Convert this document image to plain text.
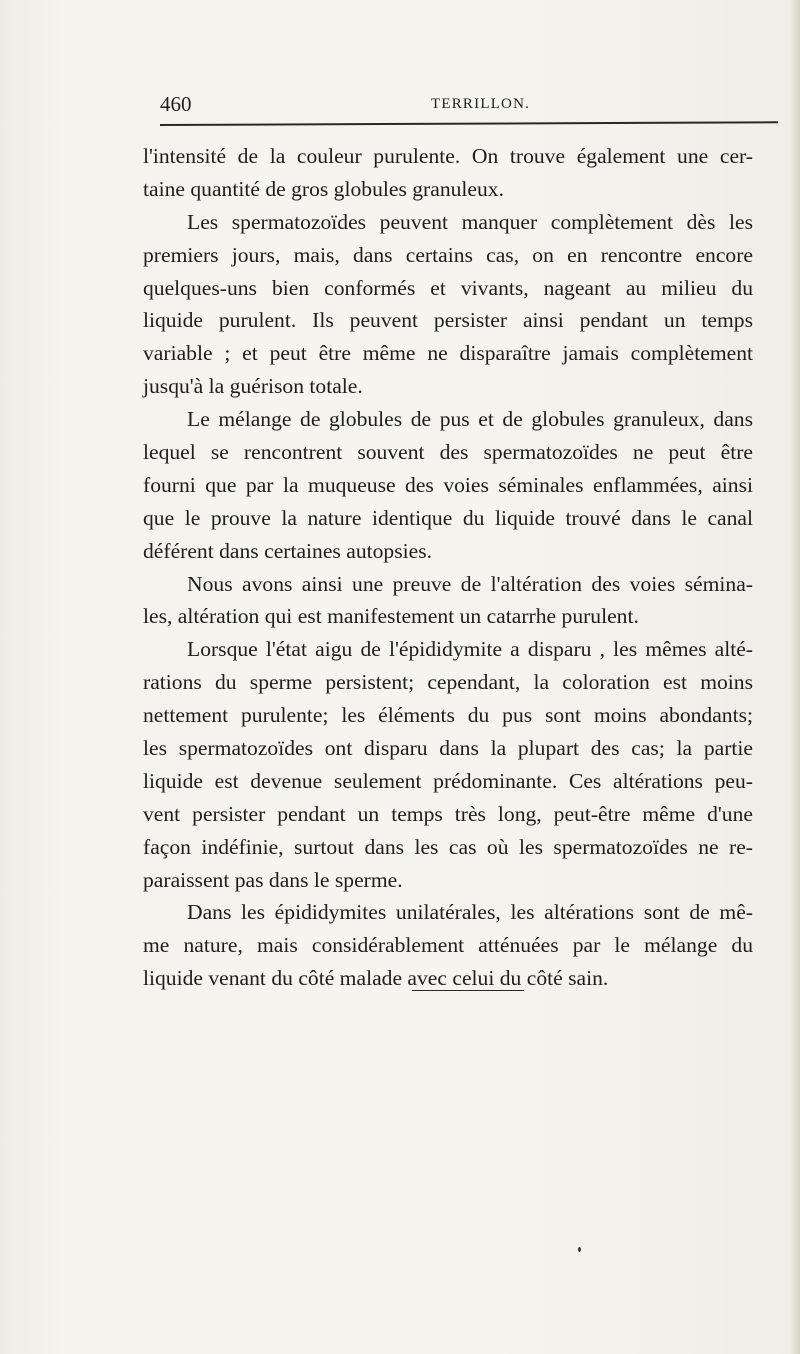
460	TERRILLON.
l'intensité de la couleur purulente. On trouve également une cer-
taine quantité de gros globules granuleux.
Les spermatozoïdes peuvent manquer complètement dès les
premiers jours, mais, dans certains cas, on en rencontre encore
quelques-uns bien conformés et vivants, nageant au milieu du
liquide purulent. Ils peuvent persister ainsi pendant un temps
variable ; et peut être même ne disparaître jamais complètement
jusqu'à la guérison totale.
Le mélange de globules de pus et de globules granuleux, dans
lequel se rencontrent souvent des spermatozoïdes ne peut être
fourni que par la muqueuse des voies séminales enflammées, ainsi
que le prouve la nature identique du liquide trouvé dans le canal
déférent dans certaines autopsies.
Nous avons ainsi une preuve de l'altération des voies sémina-
les, altération qui est manifestement un catarrhe purulent.
Lorsque l'état aigu de l'épididymite a disparu , les mêmes alté-
rations du sperme persistent; cependant, la coloration est moins
nettement purulente; les éléments du pus sont moins abondants;
les spermatozoïdes ont disparu dans la plupart des cas; la partie
liquide est devenue seulement prédominante. Ces altérations peu-
vent persister pendant un temps très long, peut-être même d'une
façon indéfinie, surtout dans les cas où les spermatozoïdes ne re-
paraissent pas dans le sperme.
Dans les épididymites unilatérales, les altérations sont de mê-
me nature, mais considérablement atténuées par le mélange du
liquide venant du côté malade avec celui du côté sain.
